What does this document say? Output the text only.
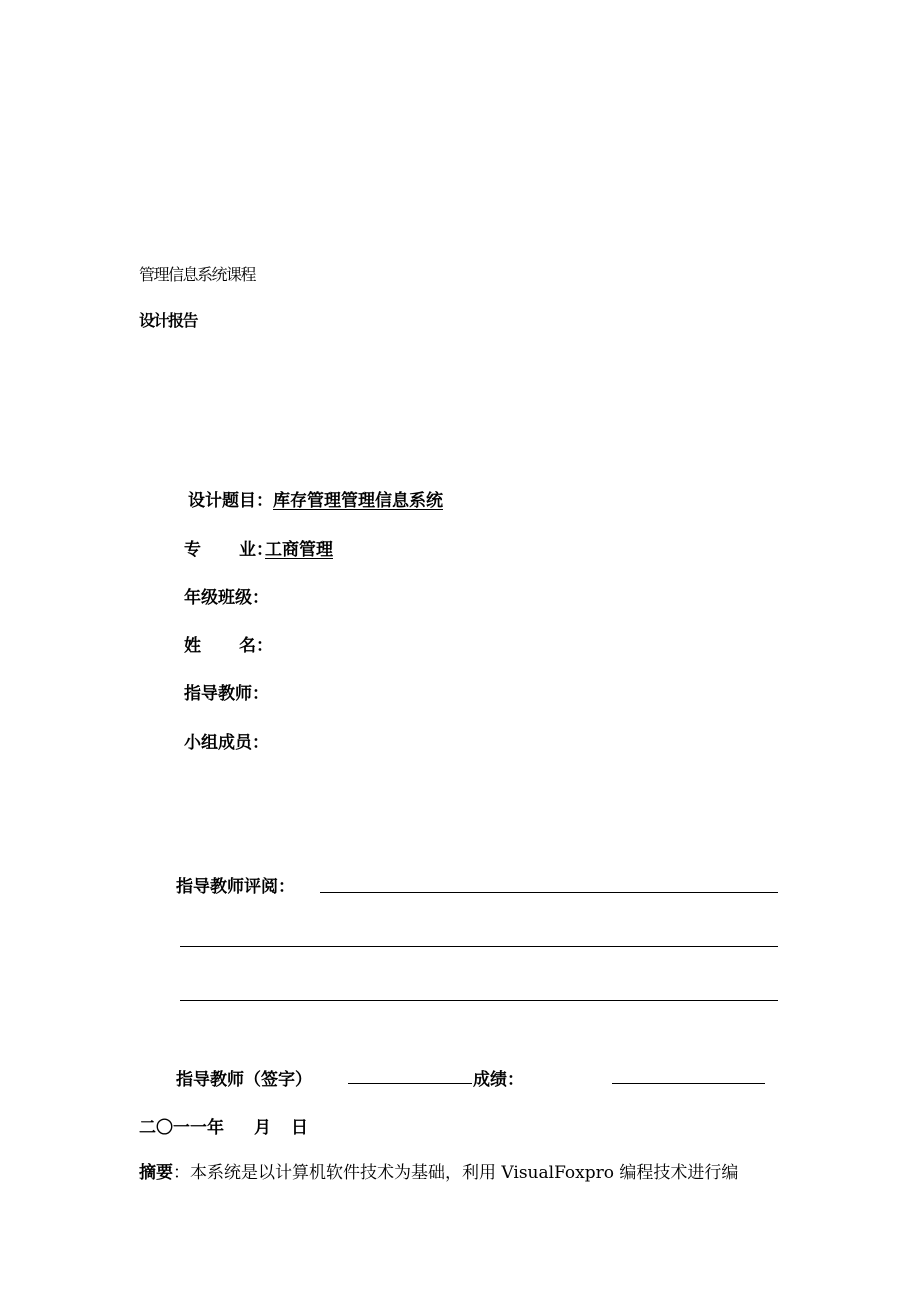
管理信息系统课程
设计报告
设计题目：库存管理管理信息系统
专 业：工商管理
年级班级：
姓 名：
指导教师：
小组成员：
指导教师评阅：
指导教师（签字）	成绩：
二〇一一年 月 日
摘要：本系统是以计算机软件技术为基础，利用 VisualFoxpro 编程技术进行编
